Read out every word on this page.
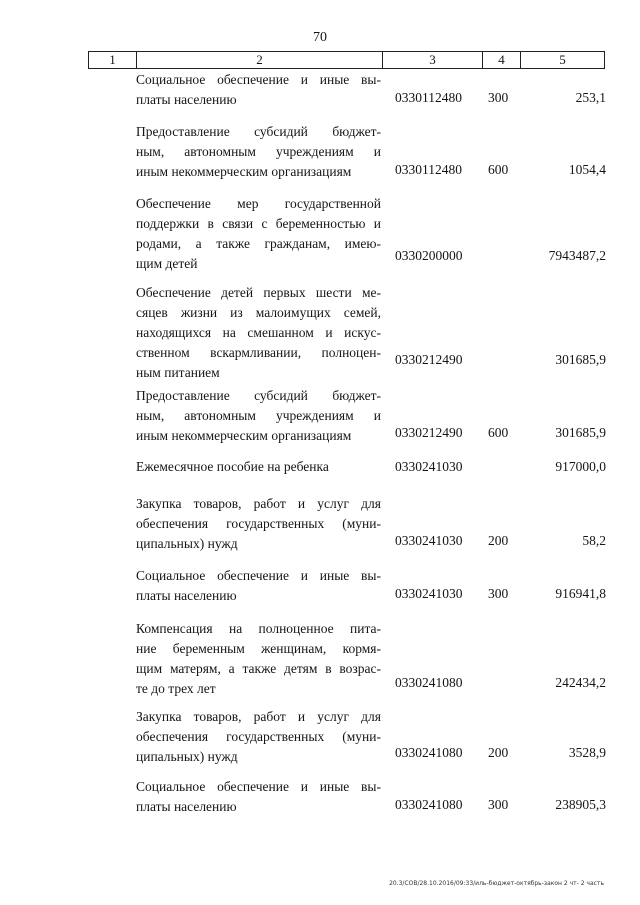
70
1	2	3	4	5
Социальное обеспечение и иные вы-
платы населению	0330112480 300	253,1
Предоставление субсидий бюджет-
ным, автономным учреждениям и
иным некоммерческим организациям	0330112480 600	1054,4
Обеспечение мер государственной
поддержки в связи с беременностью и
родами, а также гражданам, имею-
щим детей
0330200000	7943487,2
Обеспечение детей первых шести ме-
сяцев жизни из малоимущих семей,
находящихся на смешанном и искус-
ственном вскармливании, полноцен-
ным питанием
0330212490	301685,9
Предоставление субсидий бюджет-
ным, автономным учреждениям и
иным некоммерческим организациям	0330212490 600	301685,9
Ежемесячное пособие на ребенка	0330241030	917000,0
Закупка товаров, работ и услуг для
обеспечения государственных (муни-
ципальных) нужд	0330241030 200	58,2
Социальное обеспечение и иные вы-
платы населению	0330241030 300	916941,8
Компенсация на полноценное пита-
ние беременным женщинам, кормя-
щим матерям, а также детям в возрас-
те до трех лет	0330241080	242434,2
Закупка товаров, работ и услуг для
обеспечения государственных (муни-
ципальных) нужд	0330241080 200	3528,9
Социальное обеспечение и иные вы-
платы населению	0330241080 300	238905,3
20.3/СОВ/28.10.2016/09:33/иль-бюджет-октябрь-закон 2 чт- 2 часть
